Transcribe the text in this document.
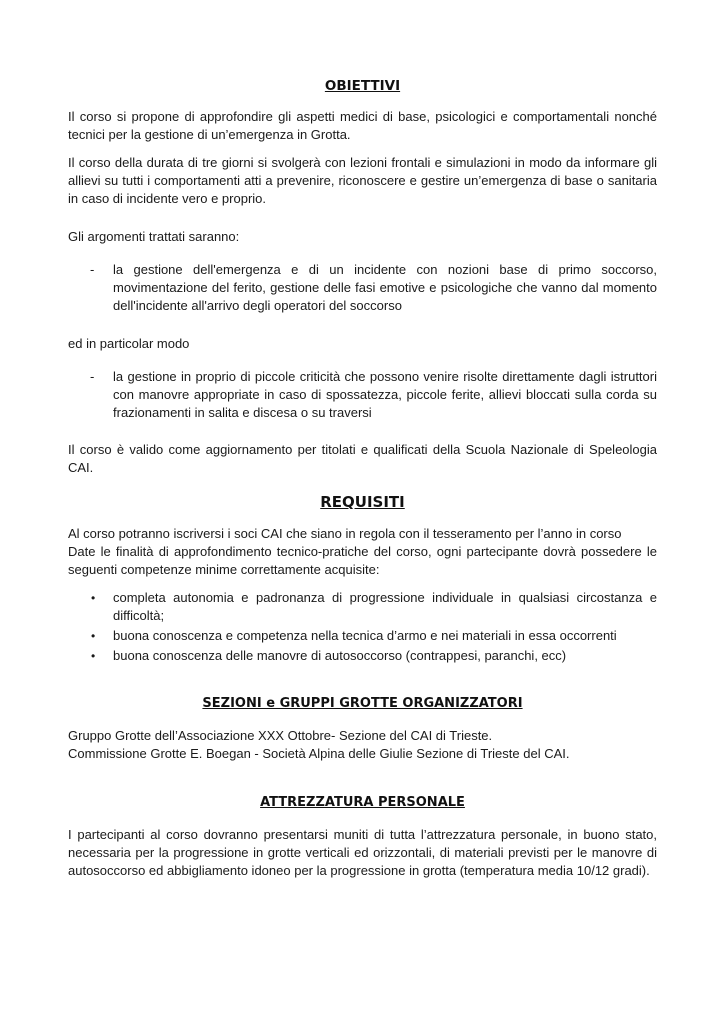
OBIETTIVI

Il corso si propone di approfondire gli aspetti medici di base, psicologici e comportamentali nonché tecnici per la gestione di un’emergenza in Grotta.

Il corso della durata di tre giorni si svolgerà con lezioni frontali e simulazioni in modo da informare gli allievi su tutti i comportamenti atti a prevenire, riconoscere e gestire un’emergenza di base o sanitaria in caso di incidente vero e proprio.

Gli argomenti trattati saranno:

- la gestione dell'emergenza e di un incidente con nozioni base di primo soccorso, movimentazione del ferito, gestione delle fasi emotive e psicologiche che vanno dal momento dell'incidente all'arrivo degli operatori del soccorso

ed in particolar modo

- la gestione in proprio di piccole criticità che possono venire risolte direttamente dagli istruttori con manovre appropriate in caso di spossatezza, piccole ferite, allievi bloccati sulla corda su frazionamenti in salita e discesa o su traversi

Il corso è valido come aggiornamento per titolati e qualificati della Scuola Nazionale di Speleologia CAI.

REQUISITI

Al corso potranno iscriversi i soci CAI che siano in regola con il tesseramento per l’anno in corso

Date le finalità di approfondimento tecnico-pratiche del corso, ogni partecipante dovrà possedere le seguenti competenze minime correttamente acquisite:

• completa autonomia e padronanza di progressione individuale in qualsiasi circostanza e difficoltà;
• buona conoscenza e competenza nella tecnica d’armo e nei materiali in essa occorrenti
• buona conoscenza delle manovre di autosoccorso (contrappesi, paranchi, ecc)
SEZIONI e GRUPPI GROTTE ORGANIZZATORI

Gruppo Grotte dell’Associazione XXX Ottobre- Sezione del CAI di Trieste.

Commissione Grotte E. Boegan - Società Alpina delle Giulie Sezione di Trieste del CAI.

ATTREZZATURA PERSONALE

I partecipanti al corso dovranno presentarsi muniti di tutta l’attrezzatura personale, in buono stato, necessaria per la progressione in grotte verticali ed orizzontali, di materiali previsti per le manovre di autosoccorso ed abbigliamento idoneo per la progressione in grotta (temperatura media 10/12 gradi).
